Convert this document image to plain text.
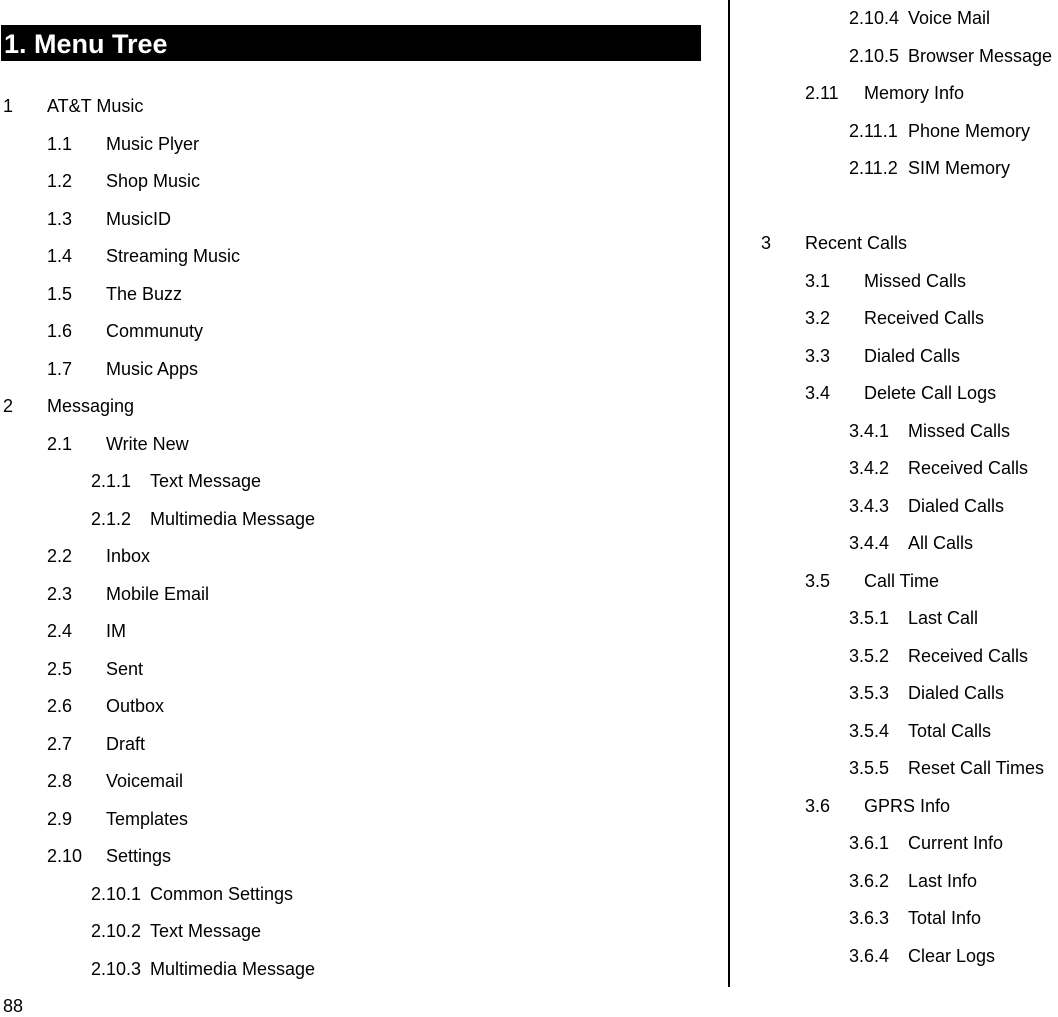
1. Menu Tree
1 AT&T Music
1.1 Music Plyer
1.2 Shop Music
1.3 MusicID
1.4 Streaming Music
1.5 The Buzz
1.6 Communuty
1.7 Music Apps
2 Messaging
2.1 Write New
2.1.1 Text Message
2.1.2 Multimedia Message
2.2 Inbox
2.3 Mobile Email
2.4 IM
2.5 Sent
2.6 Outbox
2.7 Draft
2.8 Voicemail
2.9 Templates
2.10 Settings
2.10.1 Common Settings
2.10.2 Text Message
2.10.3 Multimedia Message
2.10.4 Voice Mail
2.10.5 Browser Message
2.11 Memory Info
2.11.1 Phone Memory
2.11.2 SIM Memory
3 Recent Calls
3.1 Missed Calls
3.2 Received Calls
3.3 Dialed Calls
3.4 Delete Call Logs
3.4.1 Missed Calls
3.4.2 Received Calls
3.4.3 Dialed Calls
3.4.4 All Calls
3.5 Call Time
3.5.1 Last Call
3.5.2 Received Calls
3.5.3 Dialed Calls
3.5.4 Total Calls
3.5.5 Reset Call Times
3.6 GPRS Info
3.6.1 Current Info
3.6.2 Last Info
3.6.3 Total Info
3.6.4 Clear Logs
88
